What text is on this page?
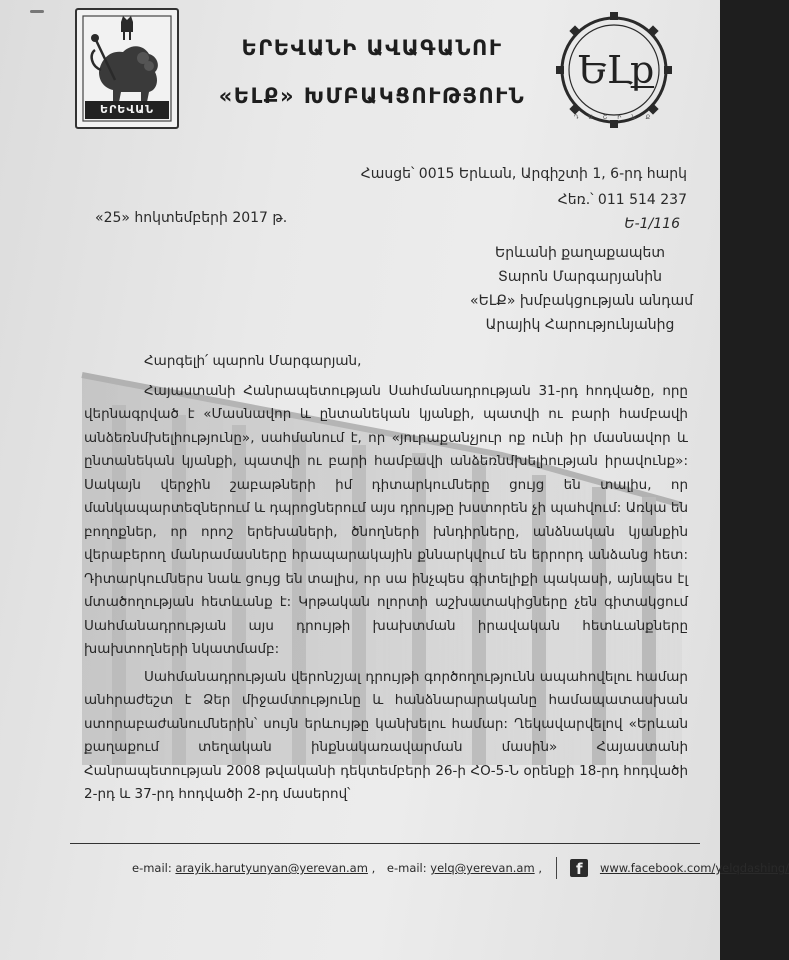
ԵՐԵՎԱՆ
ԵՐԵՎԱՆԻ ԱՎԱԳԱՆՈՒ
«ԵԼՔ» ԽՄԲԱԿՑՈՒԹՅՈՒՆ
ԵԼք
Դ Ա Շ Ի Ն Ք
Հասցե՝ 0015 Երևան, Արգիշտի 1, 6-րդ հարկ
Հեռ.՝ 011 514 237
«25» հոկտեմբերի 2017 թ.	Ե-1/116
Երևանի քաղաքապետ
Տարոն Մարգարյանին
«ԵԼՔ» խմբակցության անդամ
Արայիկ Հարությունյանից

Հարգելի՛ պարոն Մարգարյան,

Հայաստանի Հանրապետության Սահմանադրության 31-րդ հոդվածը, որը վերնագրված է «Մասնավոր և ընտանեկան կյանքի, պատվի ու բարի համբավի անձեռնմխելիությունը», սահմանում է, որ «յուրաքանչյուր ոք ունի իր մասնավոր և ընտանեկան կյանքի, պատվի ու բարի համբավի անձեռնմխելիության իրավունք»: Սակայն վերջին շաբաթների իմ դիտարկումները ցույց են տալիս, որ մանկապարտեզներում և դպրոցներում այս դրույթը խստորեն չի պահվում: Առկա են բողոքներ, որ որոշ երեխաների, ծնողների խնդիրները, անձնական կյանքին վերաբերող մանրամասները հրապարակային քննարկվում են երրորդ անձանց հետ: Դիտարկումներս նաև ցույց են տալիս, որ սա ինչպես գիտելիքի պակասի, այնպես էլ մտածողության հետևանք է: Կրթական ոլորտի աշխատակիցները չեն գիտակցում Սահմանադրության այս դրույթի խախտման իրավական հետևանքները խախտողների նկատմամբ:

Սահմանադրության վերոնշյալ դրույթի գործողությունն ապահովելու համար անհրաժեշտ է Ձեր միջամտությունը և հանձնարարականը համապատասխան ստորաբաժանումներին՝ սույն երևույթը կանխելու համար: Ղեկավարվելով «Երևան քաղաքում տեղական ինքնակառավարման մասին» Հայաստանի Հանրապետության 2008 թվականի դեկտեմբերի 26-ի ՀՕ-5-Ն օրենքի 18-րդ հոդվածի 2-րդ և 37-րդ հոդվածի 2-րդ մասերով՝

e-mail: arayik.harutyunyan@yerevan.am , e-mail: yelq@yerevan.am , f www.facebook.com/yelqdashing/
